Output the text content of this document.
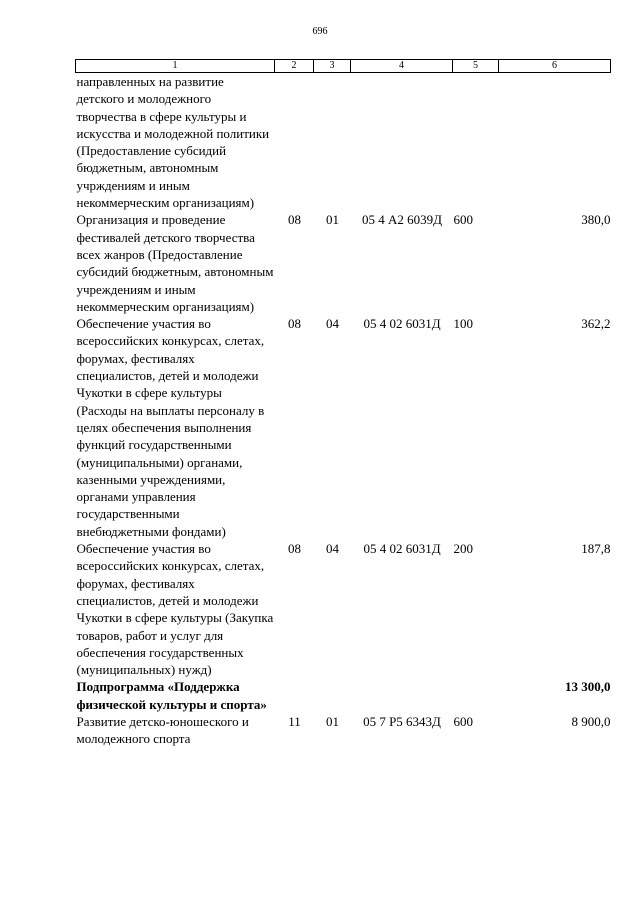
696
1	2	3	4	5	6
направленных на развитие детского и молодежного творчества в сфере культуры и искусства и молодежной политики (Предоставление субсидий бюджетным, автономным учрждениям и иным некоммерческим организациям)					
Организация и проведение фестивалей детского творчества всех жанров (Предоставление субсидий бюджетным, автономным учреждениям и иным некоммерческим организациям)	08	01	05 4 А2 6039Д	600	380,0
Обеспечение участия во всероссийских конкурсах, слетах, форумах, фестивалях специалистов, детей и молодежи Чукотки в сфере культуры (Расходы на выплаты персоналу в целях обеспечения выполнения функций государственными (муниципальными) органами, казенными учреждениями, органами управления государственными внебюджетными фондами)	08	04	05 4 02 6031Д	100	362,2
Обеспечение участия во всероссийских конкурсах, слетах, форумах, фестивалях специалистов, детей и молодежи Чукотки в сфере культуры (Закупка товаров, работ и услуг для обеспечения государственных (муниципальных) нужд)	08	04	05 4 02 6031Д	200	187,8
Подпрограмма «Поддержка физической культуры и спорта»					13 300,0
Развитие детско-юношеского и молодежного спорта	11	01	05 7 Р5 6343Д	600	8 900,0
